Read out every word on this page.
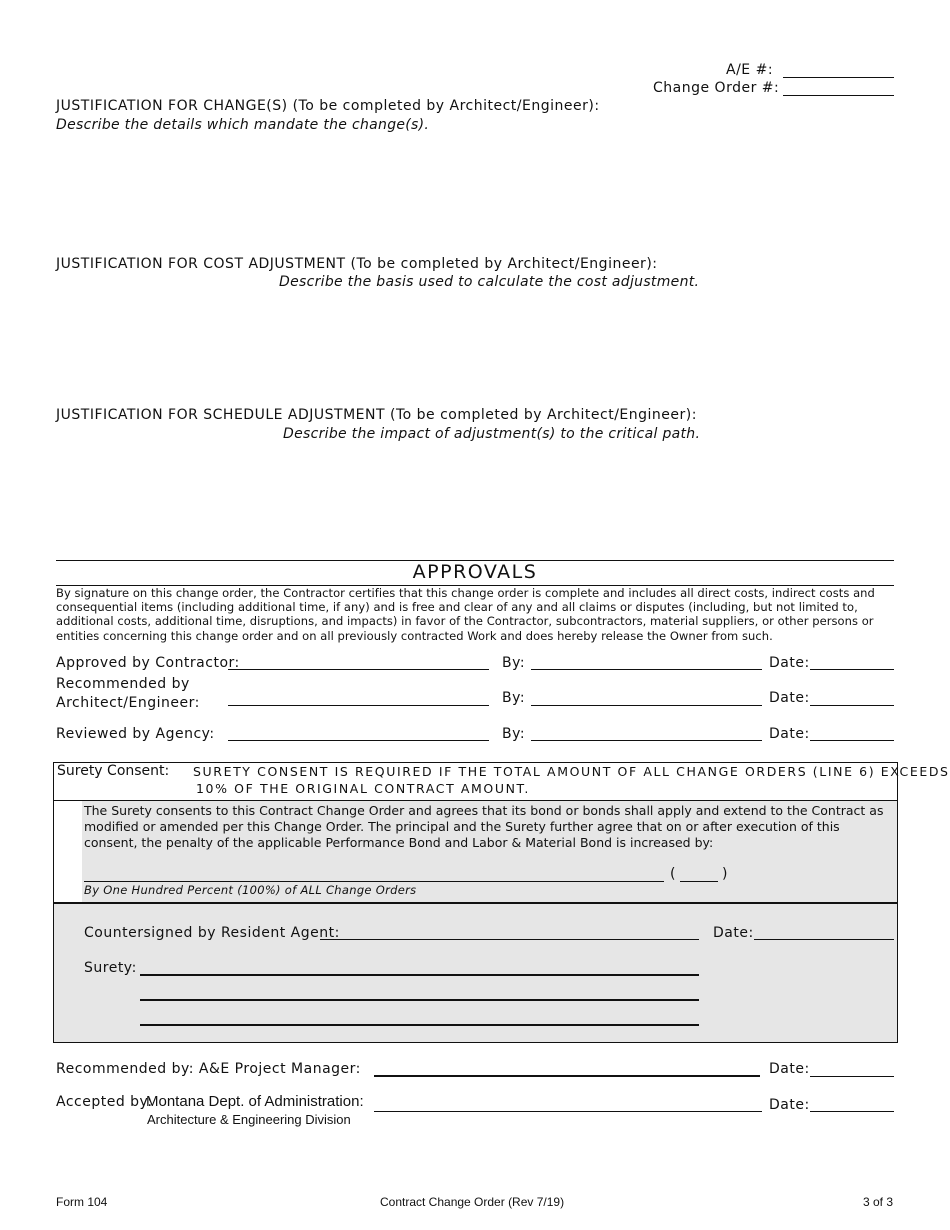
A/E #:
Change Order #:
JUSTIFICATION FOR CHANGE(S) (To be completed by Architect/Engineer):
Describe the details which mandate the change(s).
JUSTIFICATION FOR COST ADJUSTMENT (To be completed by Architect/Engineer):
Describe the basis used to calculate the cost adjustment.
JUSTIFICATION FOR SCHEDULE ADJUSTMENT (To be completed by Architect/Engineer):
Describe the impact of adjustment(s) to the critical path.
APPROVALS
By signature on this change order, the Contractor certifies that this change order is complete and includes all direct costs, indirect costs and consequential items (including additional time, if any) and is free and clear of any and all claims or disputes (including, but not limited to, additional costs, additional time, disruptions, and impacts) in favor of the Contractor, subcontractors, material suppliers, or other persons or entities concerning this change order and on all previously contracted Work and does hereby release the Owner from such.
Approved by Contractor:	By:	Date:
Recommended by
Architect/Engineer:	By:	Date:
Reviewed by Agency:	By:	Date:
Surety Consent: SURETY CONSENT IS REQUIRED IF THE TOTAL AMOUNT OF ALL CHANGE ORDERS (LINE 6) EXCEEDS
10% OF THE ORIGINAL CONTRACT AMOUNT.
The Surety consents to this Contract Change Order and agrees that its bond or bonds shall apply and extend to the Contract as modified or amended per this Change Order. The principal and the Surety further agree that on or after execution of this consent, the penalty of the applicable Performance Bond and Labor & Material Bond is increased by:
(	)
By One Hundred Percent (100%) of ALL Change Orders
Countersigned by Resident Agent:	Date:
Surety:
Recommended by: A&E Project Manager:	Date:
Accepted by:
Montana Dept. of Administration:
Architecture & Engineering Division
Date:
Form 104	Contract Change Order (Rev 7/19)	3 of 3
